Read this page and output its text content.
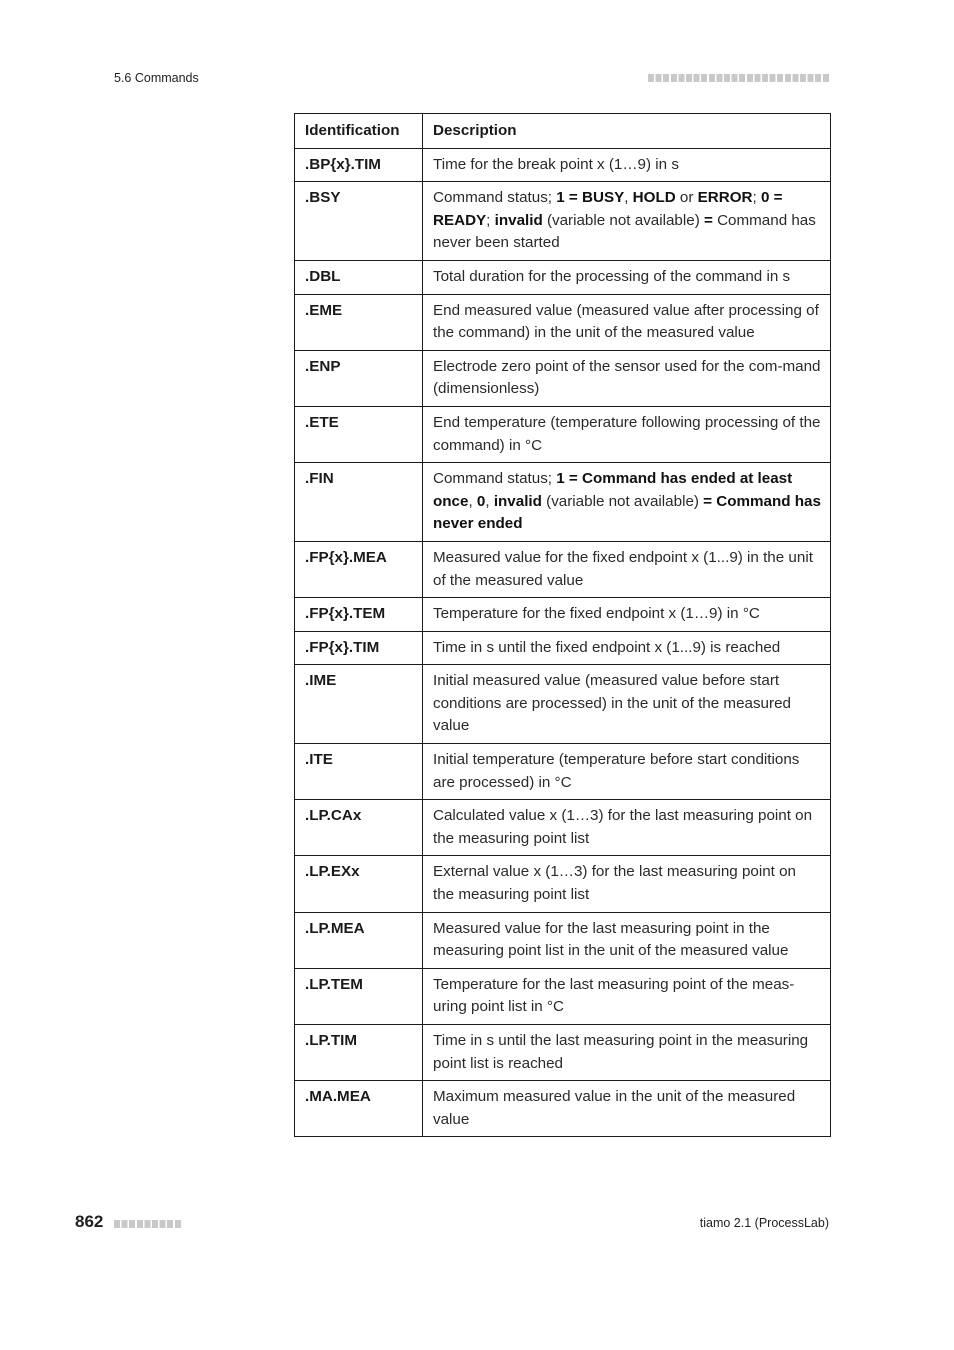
5.6 Commands
Identification	Description
.BP{x}.TIM	Time for the break point x (1…9) in s
.BSY	Command status; 1 = BUSY, HOLD or ERROR; 0 = READY; invalid (variable not available) = Command has never been started
.DBL	Total duration for the processing of the command in s
.EME	End measured value (measured value after processing of the command) in the unit of the measured value
.ENP	Electrode zero point of the sensor used for the com-mand (dimensionless)
.ETE	End temperature (temperature following processing of the command) in °C
.FIN	Command status; 1 = Command has ended at least once, 0, invalid (variable not available) = Command has never ended
.FP{x}.MEA	Measured value for the fixed endpoint x (1...9) in the unit of the measured value
.FP{x}.TEM	Temperature for the fixed endpoint x (1…9) in °C
.FP{x}.TIM	Time in s until the fixed endpoint x (1...9) is reached
.IME	Initial measured value (measured value before start conditions are processed) in the unit of the measured value
.ITE	Initial temperature (temperature before start conditions are processed) in °C
.LP.CAx	Calculated value x (1…3) for the last measuring point on the measuring point list
.LP.EXx	External value x (1…3) for the last measuring point on the measuring point list
.LP.MEA	Measured value for the last measuring point in the measuring point list in the unit of the measured value
.LP.TEM	Temperature for the last measuring point of the meas-uring point list in °C
.LP.TIM	Time in s until the last measuring point in the measuring point list is reached
.MA.MEA	Maximum measured value in the unit of the measured value
862	tiamo 2.1 (ProcessLab)
